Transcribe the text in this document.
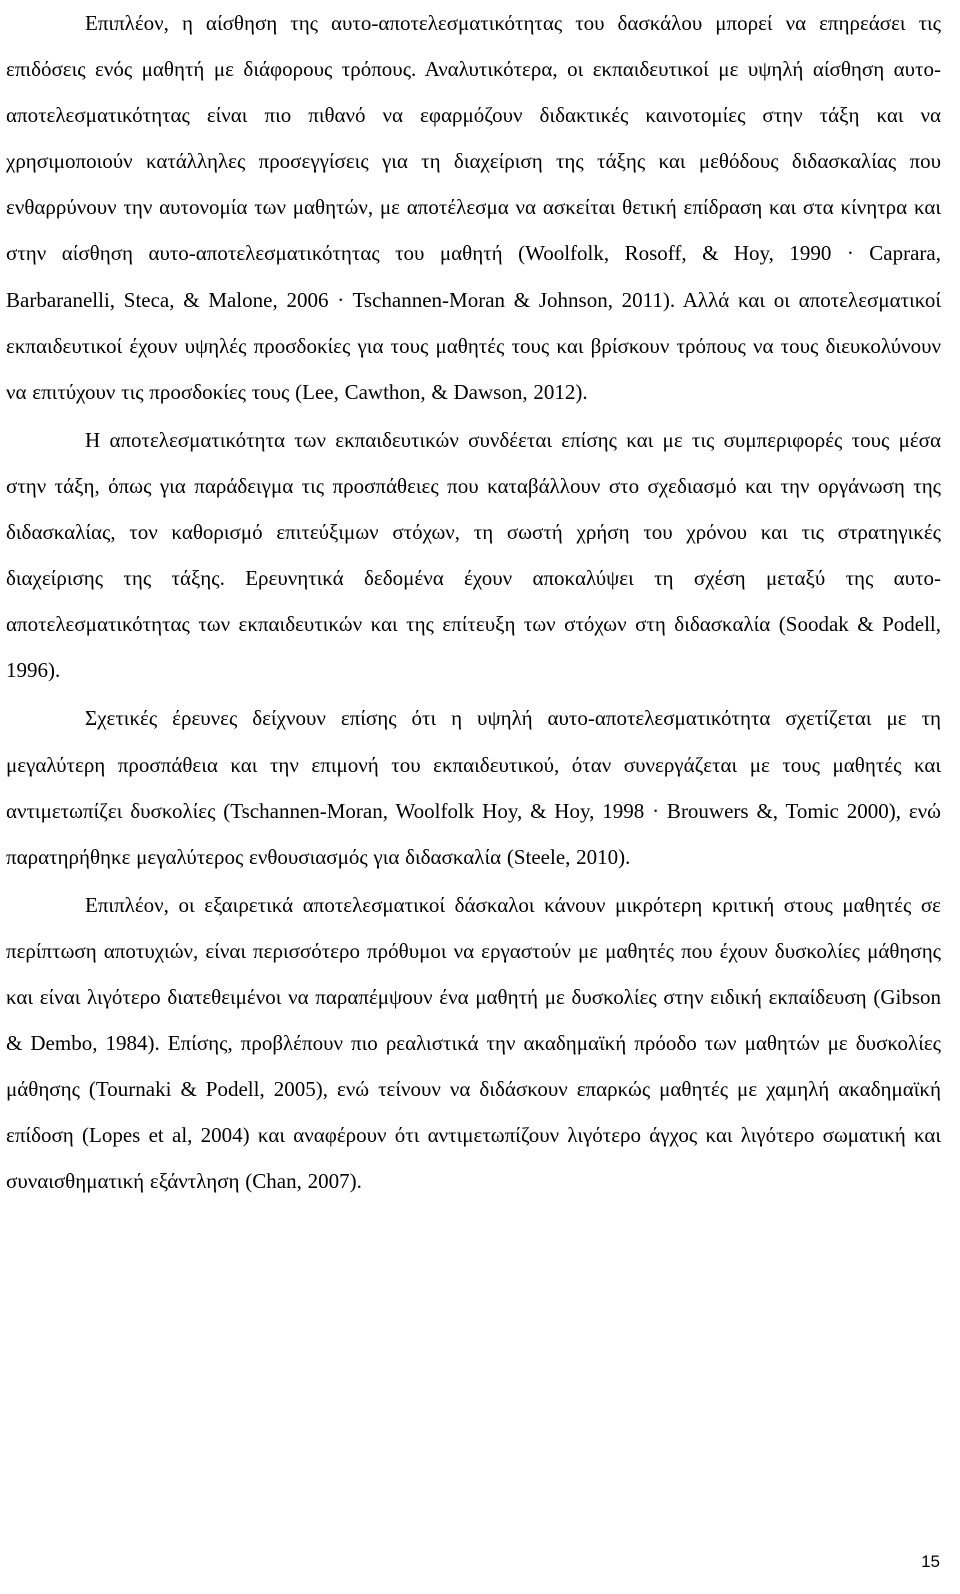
Επιπλέον, η αίσθηση της αυτο-αποτελεσματικότητας του δασκάλου μπορεί να επηρεάσει τις επιδόσεις ενός μαθητή με διάφορους τρόπους. Αναλυτικότερα, οι εκπαιδευτικοί με υψηλή αίσθηση αυτο-αποτελεσματικότητας είναι πιο πιθανό να εφαρμόζουν διδακτικές καινοτομίες στην τάξη και να χρησιμοποιούν κατάλληλες προσεγγίσεις για τη διαχείριση της τάξης και μεθόδους διδασκαλίας που ενθαρρύνουν την αυτονομία των μαθητών, με αποτέλεσμα να ασκείται θετική επίδραση και στα κίνητρα και στην αίσθηση αυτο-αποτελεσματικότητας του μαθητή (Woolfolk, Rosoff, & Hoy, 1990 · Caprara, Barbaranelli, Steca, & Malone, 2006 · Tschannen-Moran & Johnson, 2011). Αλλά και οι αποτελεσματικοί εκπαιδευτικοί έχουν υψηλές προσδοκίες για τους μαθητές τους και βρίσκουν τρόπους να τους διευκολύνουν να επιτύχουν τις προσδοκίες τους (Lee, Cawthon, & Dawson, 2012).

Η αποτελεσματικότητα των εκπαιδευτικών συνδέεται επίσης και με τις συμπεριφορές τους μέσα στην τάξη, όπως για παράδειγμα τις προσπάθειες που καταβάλλουν στο σχεδιασμό και την οργάνωση της διδασκαλίας, τον καθορισμό επιτεύξιμων στόχων, τη σωστή χρήση του χρόνου και τις στρατηγικές διαχείρισης της τάξης. Ερευνητικά δεδομένα έχουν αποκαλύψει τη σχέση μεταξύ της αυτο-αποτελεσματικότητας των εκπαιδευτικών και της επίτευξη των στόχων στη διδασκαλία (Soodak & Podell, 1996).

Σχετικές έρευνες δείχνουν επίσης ότι η υψηλή αυτο-αποτελεσματικότητα σχετίζεται με τη μεγαλύτερη προσπάθεια και την επιμονή του εκπαιδευτικού, όταν συνεργάζεται με τους μαθητές και αντιμετωπίζει δυσκολίες (Tschannen-Moran, Woolfolk Hoy, & Hoy, 1998 · Brouwers &, Tomic 2000), ενώ παρατηρήθηκε μεγαλύτερος ενθουσιασμός για διδασκαλία (Steele, 2010).

Επιπλέον, οι εξαιρετικά αποτελεσματικοί δάσκαλοι κάνουν μικρότερη κριτική στους μαθητές σε περίπτωση αποτυχιών, είναι περισσότερο πρόθυμοι να εργαστούν με μαθητές που έχουν δυσκολίες μάθησης και είναι λιγότερο διατεθειμένοι να παραπέμψουν ένα μαθητή με δυσκολίες στην ειδική εκπαίδευση (Gibson & Dembo, 1984). Επίσης, προβλέπουν πιο ρεαλιστικά την ακαδημαϊκή πρόοδο των μαθητών με δυσκολίες μάθησης (Tournaki & Podell, 2005), ενώ τείνουν να διδάσκουν επαρκώς μαθητές με χαμηλή ακαδημαϊκή επίδοση (Lopes et al, 2004) και αναφέρουν ότι αντιμετωπίζουν λιγότερο άγχος και λιγότερο σωματική και συναισθηματική εξάντληση (Chan, 2007).

15
